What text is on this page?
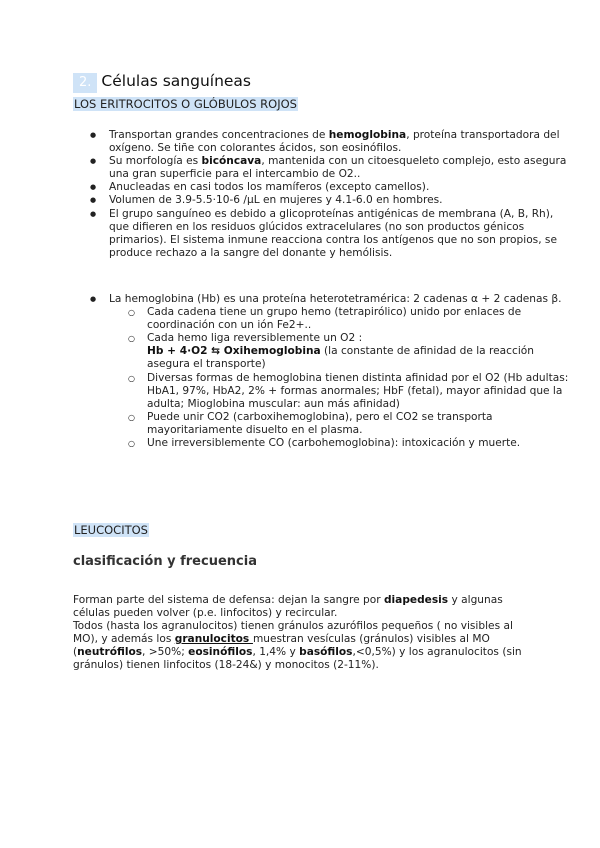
2. Células sanguíneas
LOS ERITROCITOS O GLÓBULOS ROJOS
● Transportan grandes concentraciones de hemoglobina, proteína transportadora del oxígeno. Se tiñe con colorantes ácidos, son eosinófilos.
● Su morfología es bicóncava, mantenida con un citoesqueleto complejo, esto asegura una gran superficie para el intercambio de O2..
● Anucleadas en casi todos los mamíferos (excepto camellos).
● Volumen de 3.9-5.5·10-6 /μL en mujeres y 4.1-6.0 en hombres.
● El grupo sanguíneo es debido a glicoproteínas antigénicas de membrana (A, B, Rh), que difieren en los residuos glúcidos extracelulares (no son productos génicos primarios). El sistema inmune reacciona contra los antígenos que no son propios, se produce rechazo a la sangre del donante y hemólisis.
● La hemoglobina (Hb) es una proteína heterotetramérica: 2 cadenas α + 2 cadenas β.
○ Cada cadena tiene un grupo hemo (tetrapirólico) unido por enlaces de coordinación con un ión Fe2+..
○ Cada hemo liga reversiblemente un O2 :
Hb + 4·O2 ⇆ Oxihemoglobina (la constante de afinidad de la reacción asegura el transporte)
○ Diversas formas de hemoglobina tienen distinta afinidad por el O2 (Hb adultas: HbA1, 97%, HbA2, 2% + formas anormales; HbF (fetal), mayor afinidad que la adulta; Mioglobina muscular: aun más afinidad)
○ Puede unir CO2 (carboxihemoglobina), pero el CO2 se transporta mayoritariamente disuelto en el plasma.
○ Une irreversiblemente CO (carbohemoglobina): intoxicación y muerte.
LEUCOCITOS
clasificación y frecuencia

Forman parte del sistema de defensa: dejan la sangre por diapedesis y algunas células pueden volver (p.e. linfocitos) y recircular.
Todos (hasta los agranulocitos) tienen gránulos azurófilos pequeños ( no visibles al MO), y además los granulocitos muestran vesículas (gránulos) visibles al MO (neutrófilos, >50%; eosinófilos, 1,4% y basófilos,<0,5%) y los agranulocitos (sin gránulos) tienen linfocitos (18-24&) y monocitos (2-11%).
